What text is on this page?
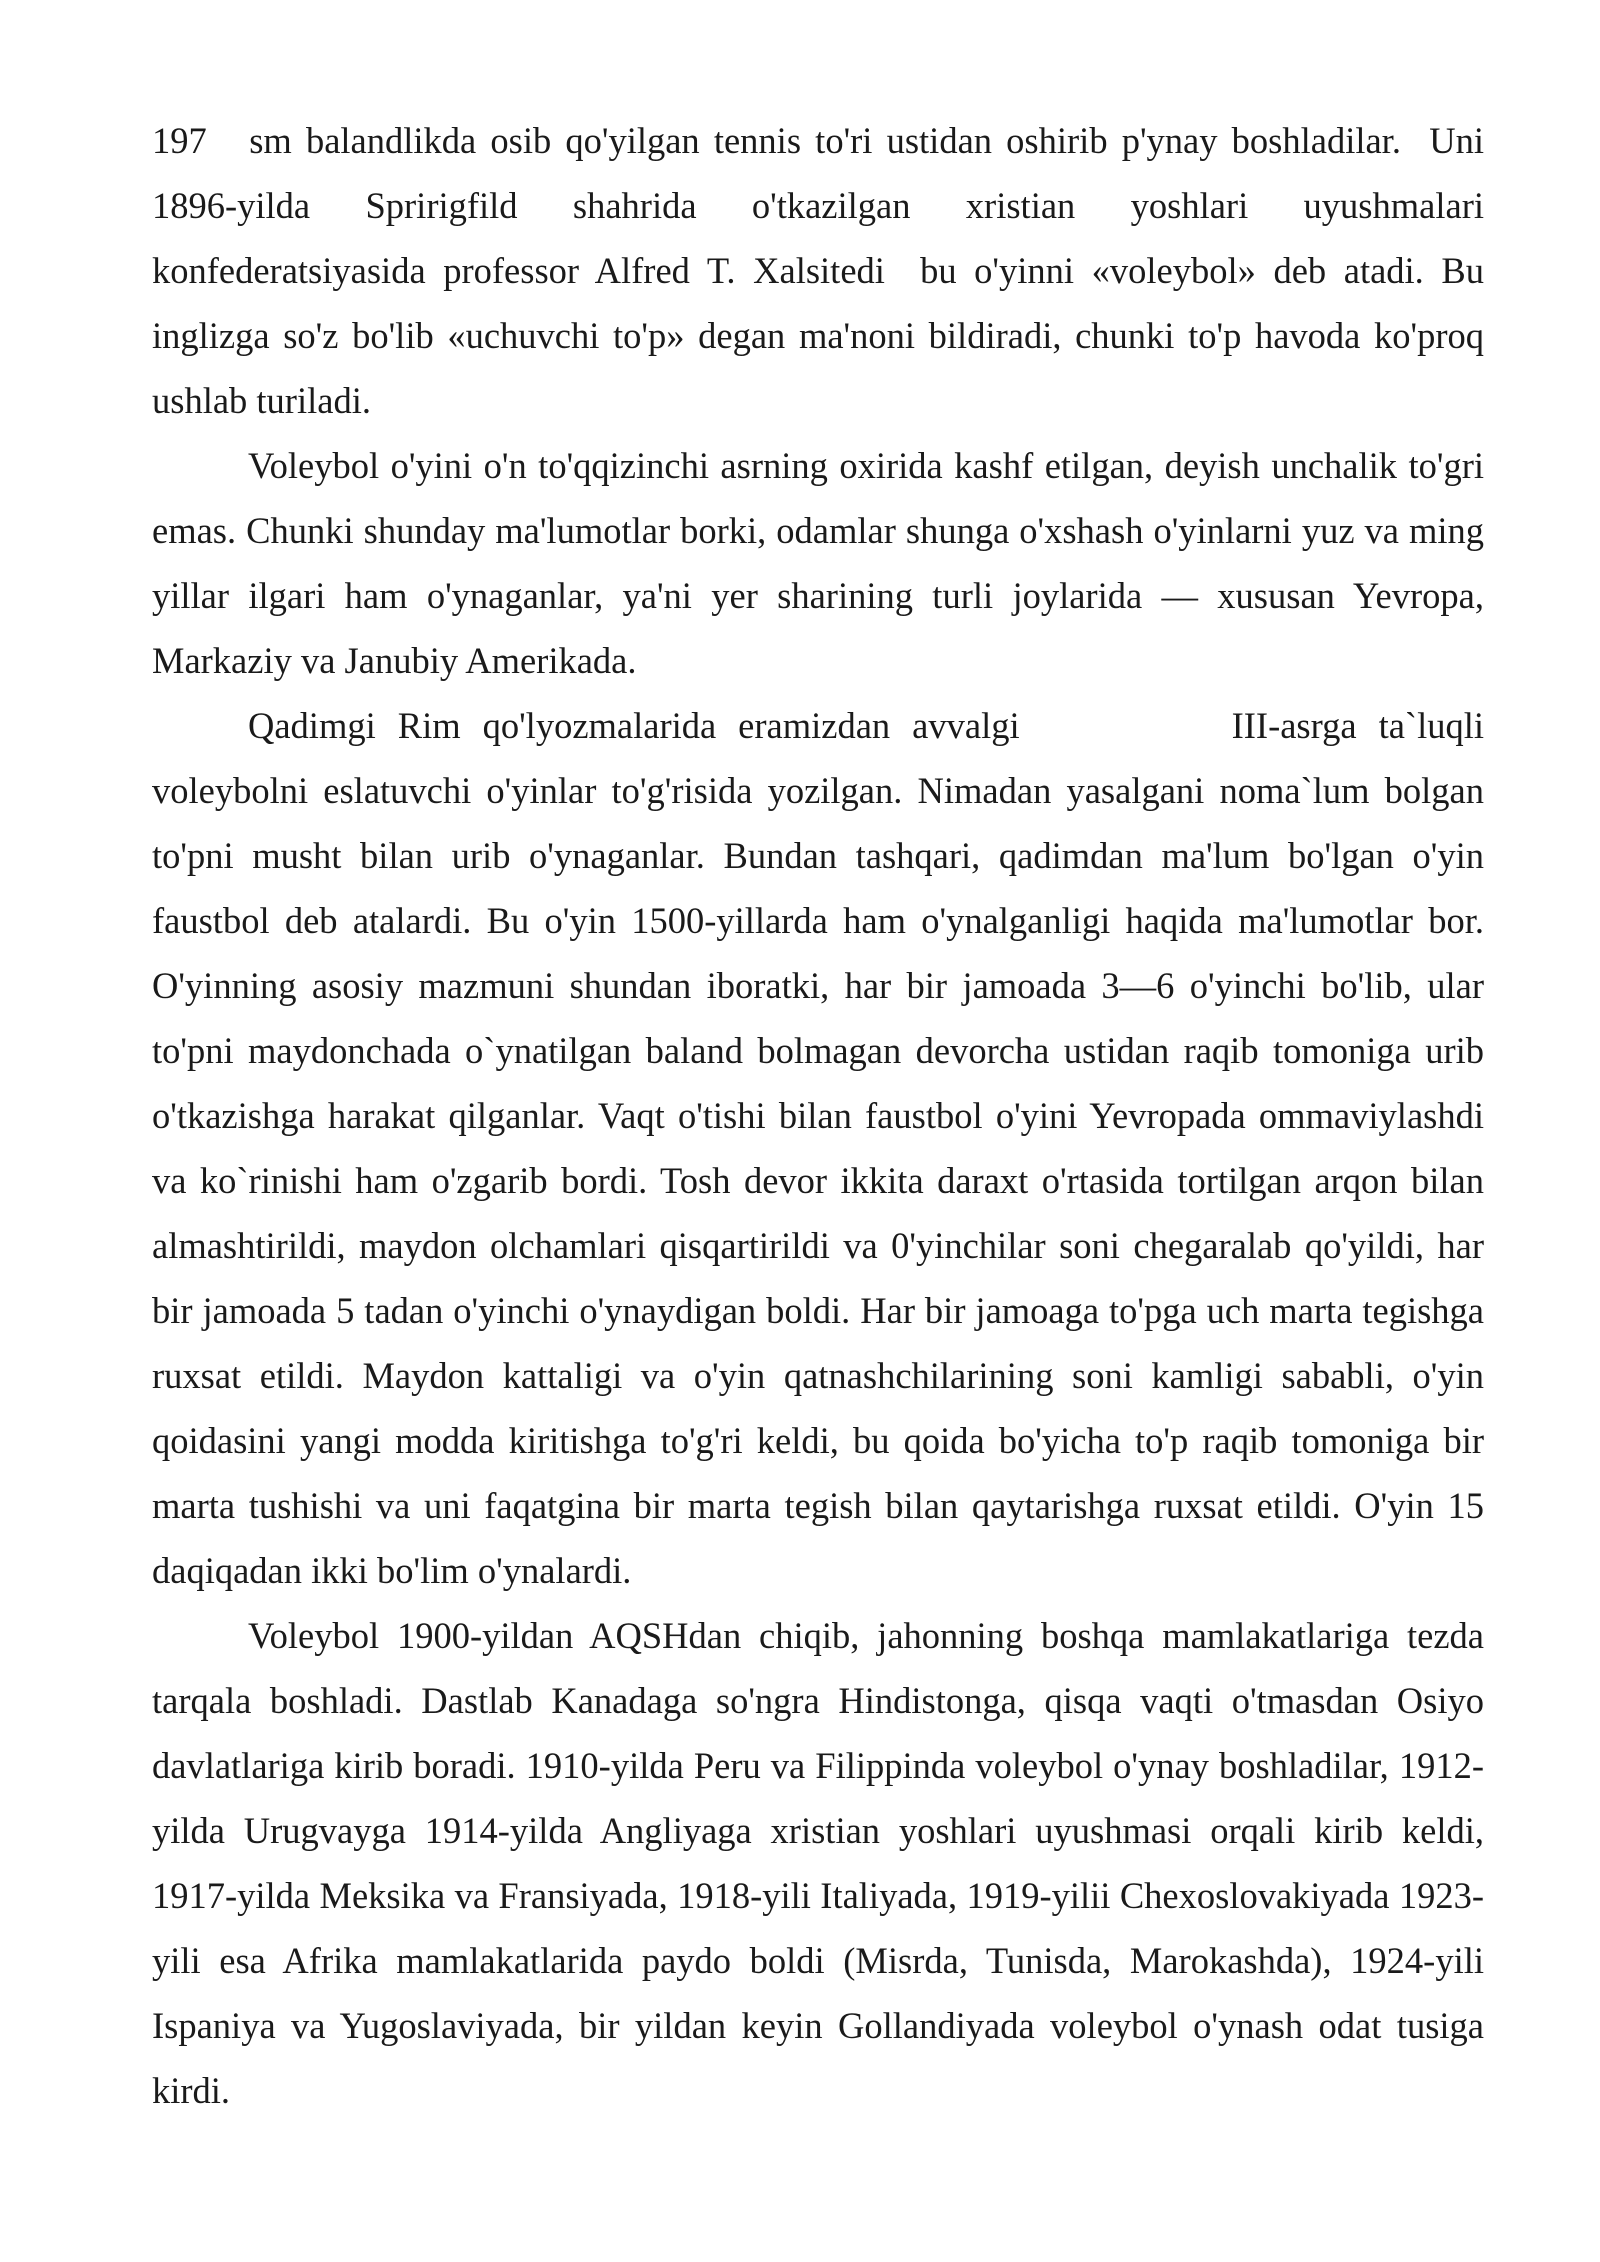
197   sm balandlikda osib qo'yilgan tennis to'ri ustidan oshirib p'ynay boshladilar.  Uni 1896-yilda Spririgfild shahrida o'tkazilgan xristian yoshlari uyushmalari konfederatsiyasida professor Alfred T. Xalsitedi  bu o'yinni «voleybol» deb atadi. Bu inglizga so'z bo'lib «uchuvchi to'p» degan ma'noni bildiradi, chunki to'p havoda ko'proq ushlab turiladi.

Voleybol o'yini o'n to'qqizinchi asrning oxirida kashf etilgan, deyish unchalik to'gri emas. Chunki shunday ma'lumotlar borki, odamlar shunga o'xshash o'yinlarni yuz va ming yillar ilgari ham o'ynaganlar, ya'ni yer sharining turli joylarida — xususan Yevropa, Markaziy va Janubiy Amerikada.

Qadimgi Rim qo'lyozmalarida eramizdan avvalgi	III-asrga ta`luqli voleybolni eslatuvchi o'yinlar to'g'risida yozilgan. Nimadan yasalgani noma`lum bolgan to'pni musht bilan urib o'ynaganlar. Bundan tashqari, qadimdan ma'lum bo'lgan o'yin faustbol deb atalardi. Bu o'yin 1500-yillarda ham o'ynalganligi haqida ma'lumotlar bor. O'yinning asosiy mazmuni shundan iboratki, har bir jamoada 3—6 o'yinchi bo'lib, ular to'pni maydonchada o`ynatilgan baland bolmagan devorcha ustidan raqib tomoniga urib o'tkazishga harakat qilganlar. Vaqt o'tishi bilan faustbol o'yini Yevropada ommaviylashdi va ko`rinishi ham o'zgarib bordi. Tosh devor ikkita daraxt o'rtasida tortilgan arqon bilan almashtirildi, maydon olchamlari qisqartirildi va 0'yinchilar soni chegaralab qo'yildi, har bir jamoada 5 tadan o'yinchi o'ynaydigan boldi. Har bir jamoaga to'pga uch marta tegishga ruxsat etildi. Maydon kattaligi va o'yin qatnashchilarining soni kamligi sababli, o'yin qoidasini yangi modda kiritishga to'g'ri keldi, bu qoida bo'yicha to'p raqib tomoniga bir marta tushishi va uni faqatgina bir marta tegish bilan qaytarishga ruxsat etildi. O'yin 15 daqiqadan ikki bo'lim o'ynalardi.

Voleybol 1900-yildan AQSHdan chiqib, jahonning boshqa mamlakatlariga tezda tarqala boshladi. Dastlab Kanadaga so'ngra Hindistonga, qisqa vaqti o'tmasdan Osiyo davlatlariga kirib boradi. 1910-yilda Peru va Filippinda voleybol o'ynay boshladilar, 1912- yilda Urugvayga 1914-yilda Angliyaga xristian yoshlari uyushmasi orqali kirib keldi, 1917-yilda Meksika va Fransiyada, 1918-yili Italiyada, 1919-yilii Chexoslovakiyada 1923-yili esa Afrika mamlakatlarida paydo boldi (Misrda, Tunisda, Marokashda), 1924-yili Ispaniya va Yugoslaviyada, bir yildan keyin Gollandiyada voleybol o'ynash odat tusiga kirdi.
